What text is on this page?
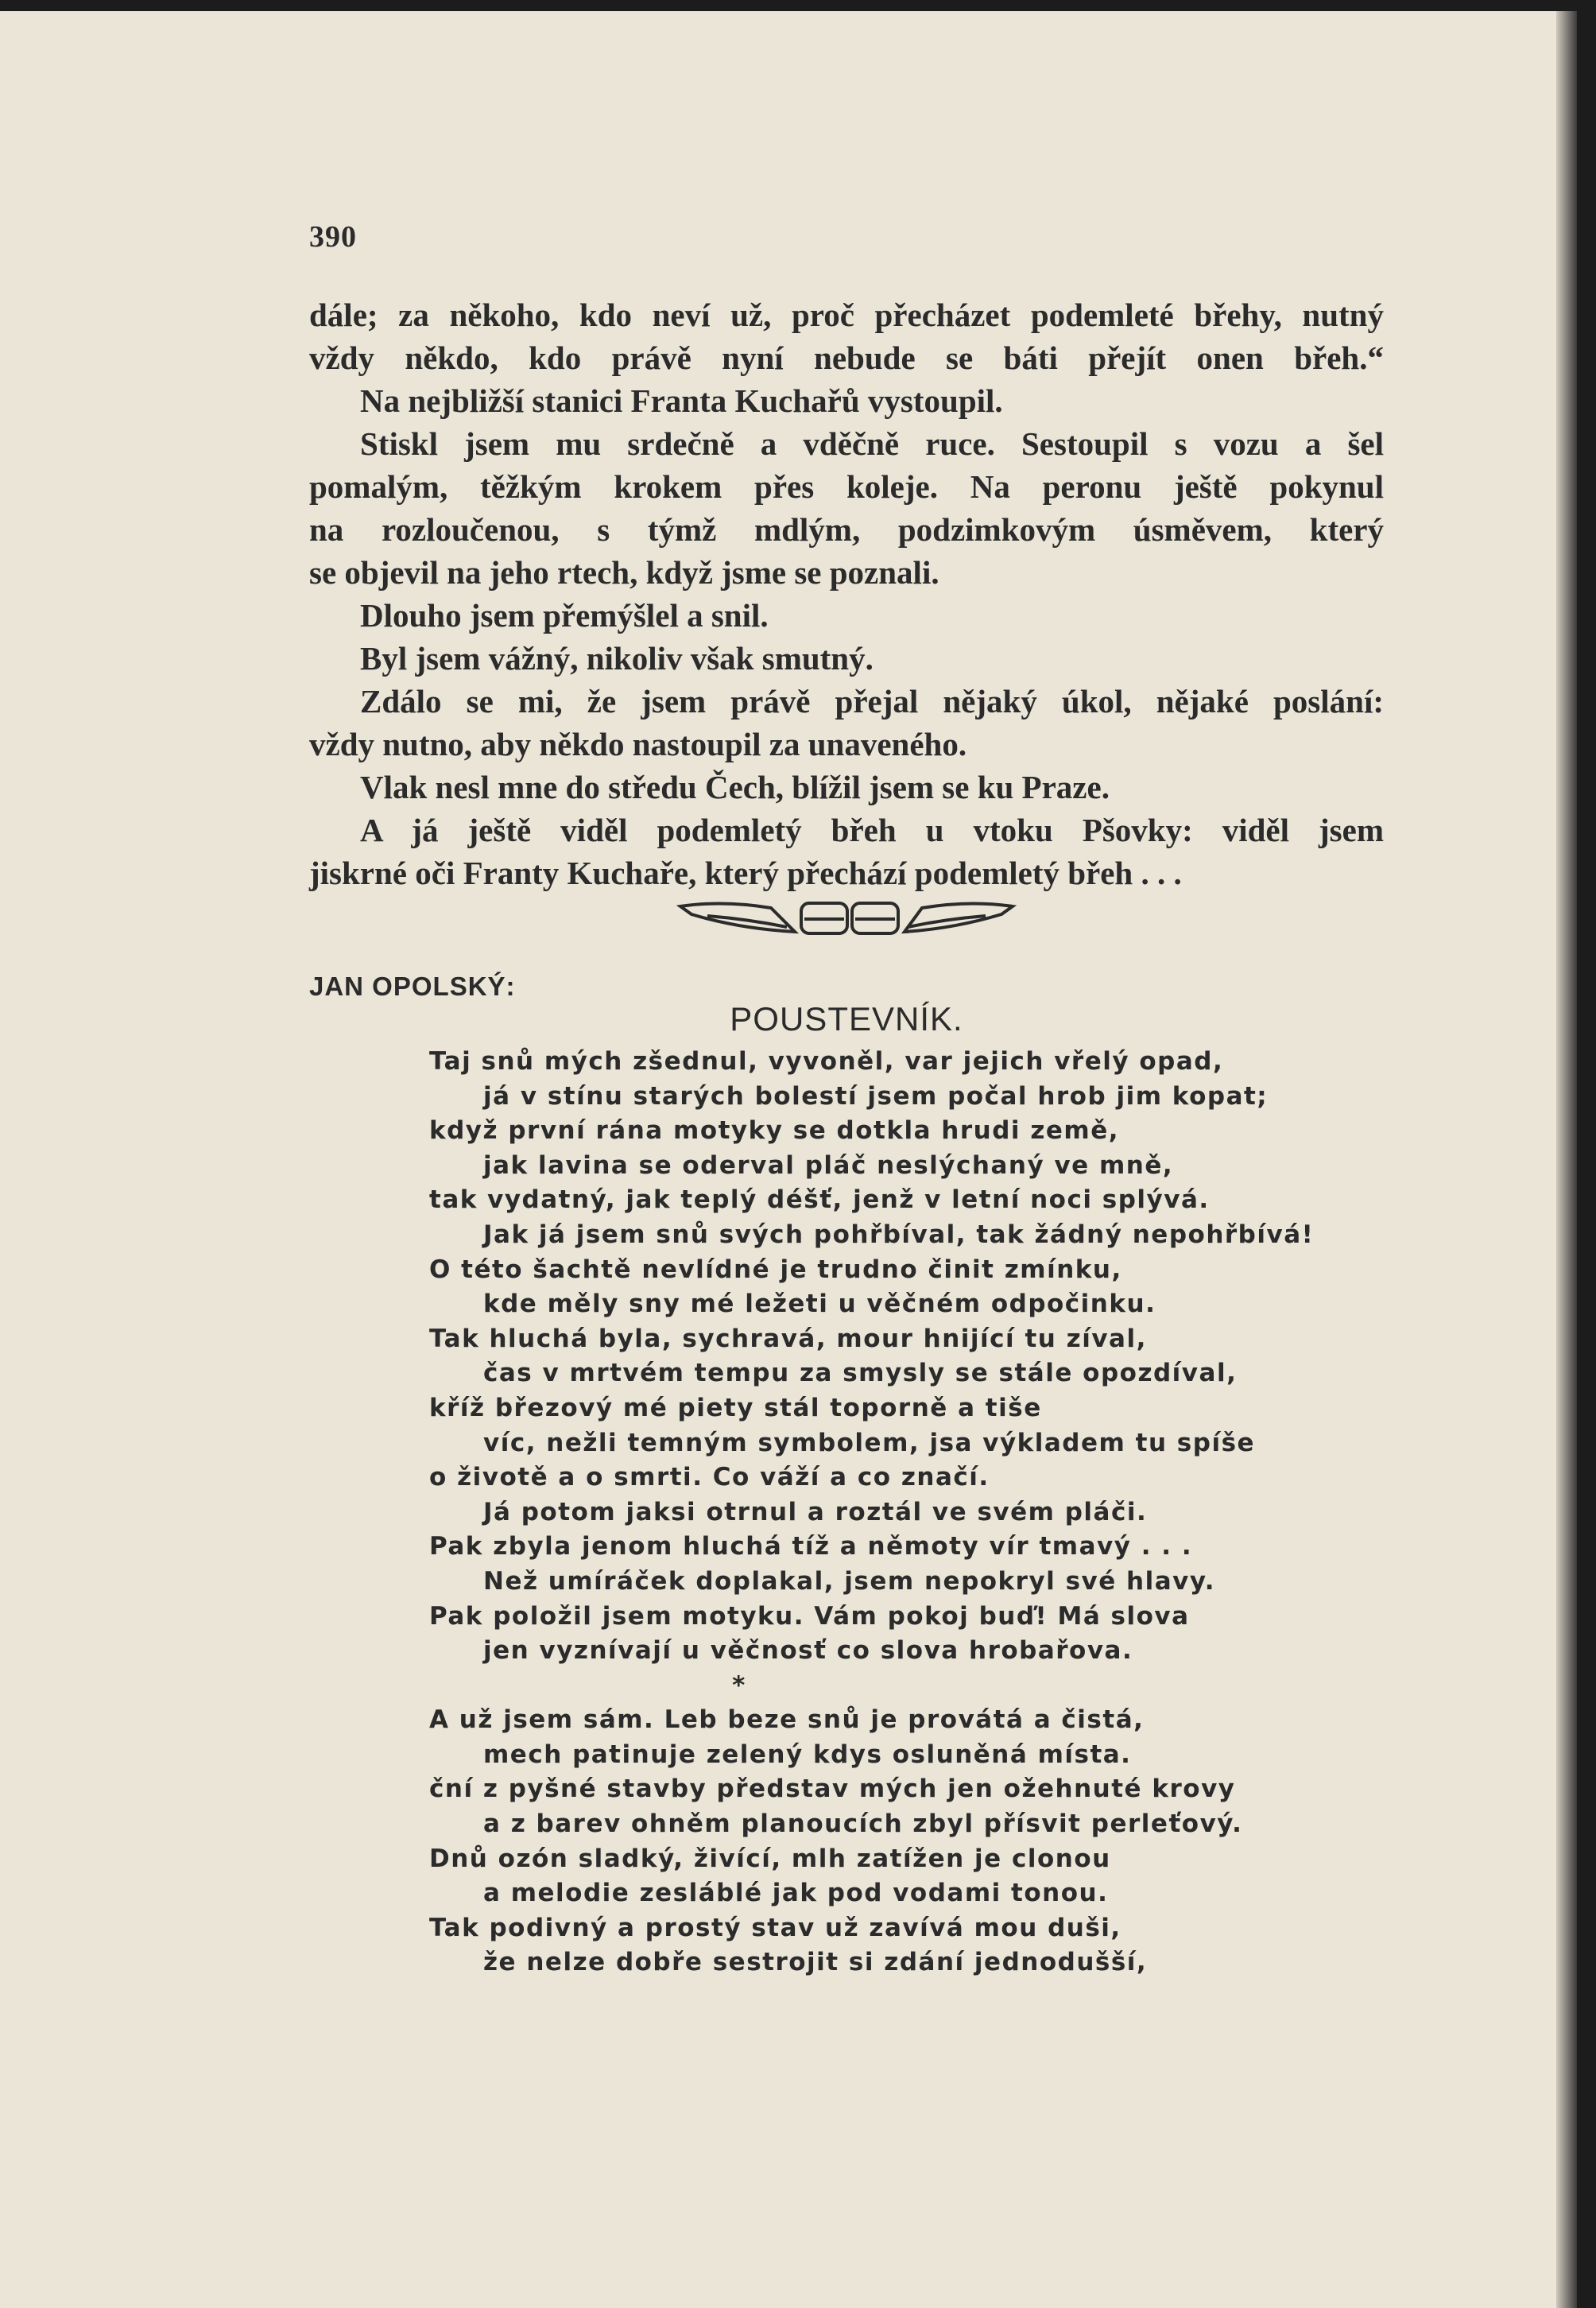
390

dále; za někoho, kdo neví už, proč přecházet podemleté břehy, nutný

vždy někdo, kdo právě nyní nebude se báti přejít onen břeh.“

Na nejbližší stanici Franta Kuchařů vystoupil.

Stiskl jsem mu srdečně a vděčně ruce. Sestoupil s vozu a šel

pomalým, těžkým krokem přes koleje. Na peronu ještě pokynul

na rozloučenou, s týmž mdlým, podzimkovým úsměvem, který

se objevil na jeho rtech, když jsme se poznali.

Dlouho jsem přemýšlel a snil.

Byl jsem vážný, nikoliv však smutný.

Zdálo se mi, že jsem právě přejal nějaký úkol, nějaké poslání:

vždy nutno, aby někdo nastoupil za unaveného.

Vlak nesl mne do středu Čech, blížil jsem se ku Praze.

A já ještě viděl podemletý břeh u vtoku Pšovky: viděl jsem

jiskrné oči Franty Kuchaře, který přechází podemletý břeh . . .

JAN OPOLSKÝ:
POUSTEVNÍK.
Taj snů mých zšednul, vyvoněl, var jejich vřelý opad,
já v stínu starých bolestí jsem počal hrob jim kopat;
když první rána motyky se dotkla hrudi země,
jak lavina se oderval pláč neslýchaný ve mně,
tak vydatný, jak teplý déšť, jenž v letní noci splývá.
Jak já jsem snů svých pohřbíval, tak žádný nepohřbívá!
O této šachtě nevlídné je trudno činit zmínku,
kde měly sny mé ležeti u věčném odpočinku.
Tak hluchá byla, sychravá, mour hnijící tu zíval,
čas v mrtvém tempu za smysly se stále opozdíval,
kříž březový mé piety stál toporně a tiše
víc, nežli temným symbolem, jsa výkladem tu spíše
o životě a o smrti. Co váží a co značí.
Já potom jaksi otrnul a roztál ve svém pláči.
Pak zbyla jenom hluchá tíž a němoty vír tmavý . . .
Než umíráček doplakal, jsem nepokryl své hlavy.
Pak položil jsem motyku. Vám pokoj buď! Má slova
jen vyznívají u věčnosť co slova hrobařova.
*
A už jsem sám. Leb beze snů je provátá a čistá,
mech patinuje zelený kdys osluněná místa.
ční z pyšné stavby představ mých jen ožehnuté krovy
a z barev ohněm planoucích zbyl přísvit perleťový.
Dnů ozón sladký, živící, mlh zatížen je clonou
a melodie zesláblé jak pod vodami tonou.
Tak podivný a prostý stav už zavívá mou duši,
že nelze dobře sestrojit si zdání jednodušší,
